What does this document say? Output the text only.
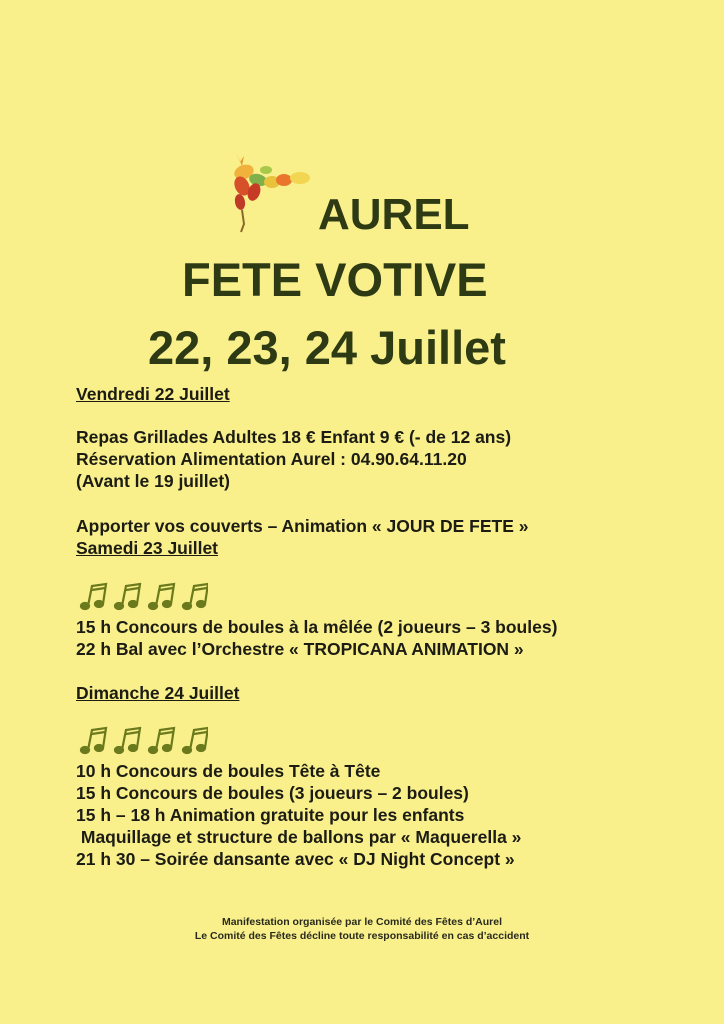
AUREL
FETE VOTIVE
22, 23, 24 Juillet
Vendredi 22 Juillet
Repas Grillades Adultes 18 € Enfant 9 € (- de 12 ans)
Réservation Alimentation Aurel : 04.90.64.11.20
(Avant le 19 juillet)
Apporter vos couverts – Animation « JOUR DE FETE »
Samedi 23 Juillet
15 h Concours de boules à la mêlée (2 joueurs – 3 boules)
22 h Bal avec l’Orchestre « TROPICANA ANIMATION »
Dimanche 24 Juillet
10 h Concours de boules Tête à Tête
15 h Concours de boules (3 joueurs – 2 boules)
15 h – 18 h Animation gratuite pour les enfants
Maquillage et structure de ballons par « Maquerella »
21 h 30 – Soirée dansante avec « DJ Night Concept »
Manifestation organisée par le Comité des Fêtes d’Aurel
Le Comité des Fêtes décline toute responsabilité en cas d’accident
